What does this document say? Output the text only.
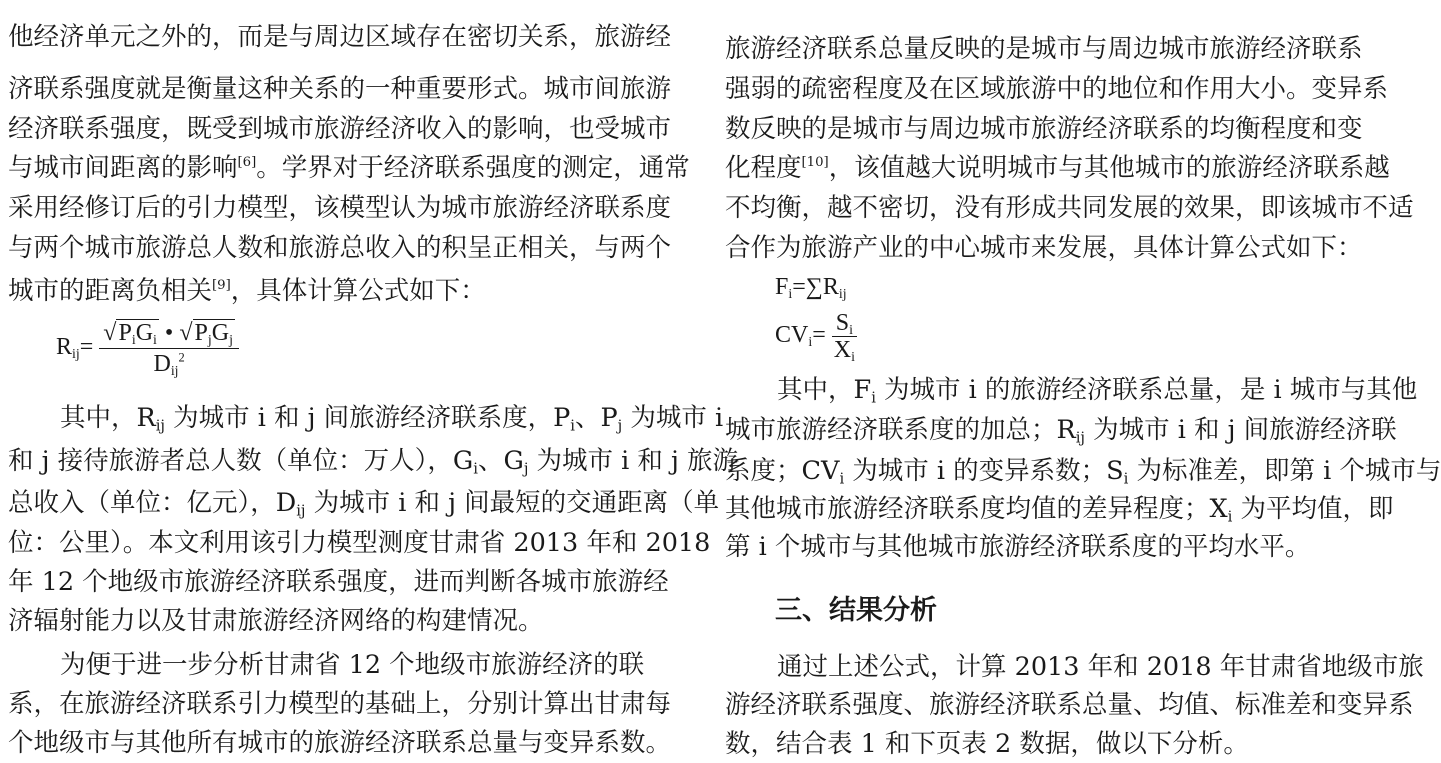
他经济单元之外的，而是与周边区域存在密切关系，旅游经
济联系强度就是衡量这种关系的一种重要形式。城市间旅游
经济联系强度，既受到城市旅游经济收入的影响，也受城市
与城市间距离的影响[6]。学界对于经济联系强度的测定，通常
采用经修订后的引力模型，该模型认为城市旅游经济联系度
与两个城市旅游总人数和旅游总收入的积呈正相关，与两个
城市的距离负相关[9]，具体计算公式如下：
$R_{ij}= \frac{√P_iG_i • √P_jG_j}{D_{ij}^2}$
其中，$R_{ij}$ 为城市 i 和 j 间旅游经济联系度，$P_i$、$P_j$ 为城市 i
和 j 接待旅游者总人数（单位：万人），$G_i$、$G_j$ 为城市 i 和 j 旅游
总收入（单位：亿元），$D_{ij}$ 为城市 i 和 j 间最短的交通距离（单
位：公里）。本文利用该引力模型测度甘肃省 2013 年和 2018
年 12 个地级市旅游经济联系强度，进而判断各城市旅游经
济辐射能力以及甘肃旅游经济网络的构建情况。
为便于进一步分析甘肃省 12 个地级市旅游经济的联
系，在旅游经济联系引力模型的基础上，分别计算出甘肃每
个地级市与其他所有城市的旅游经济联系总量与变异系数。
旅游经济联系总量反映的是城市与周边城市旅游经济联系
强弱的疏密程度及在区域旅游中的地位和作用大小。变异系
数反映的是城市与周边城市旅游经济联系的均衡程度和变
化程度[10]，该值越大说明城市与其他城市的旅游经济联系越
不均衡，越不密切，没有形成共同发展的效果，即该城市不适
合作为旅游产业的中心城市来发展，具体计算公式如下：
$F_i=\sum R_{ij}$
$CV_i= \frac{S_i}{X_i}$
其中，$F_i$ 为城市 i 的旅游经济联系总量，是 i 城市与其他
城市旅游经济联系度的加总；$R_{ij}$ 为城市 i 和 j 间旅游经济联
系度；$CV_i$ 为城市 i 的变异系数；$S_i$ 为标准差，即第 i 个城市与
其他城市旅游经济联系度均值的差异程度；$X_i$ 为平均值，即
第 i 个城市与其他城市旅游经济联系度的平均水平。
三、结果分析
通过上述公式，计算 2013 年和 2018 年甘肃省地级市旅
游经济联系强度、旅游经济联系总量、均值、标准差和变异系
数，结合表 1 和下页表 2 数据，做以下分析。
